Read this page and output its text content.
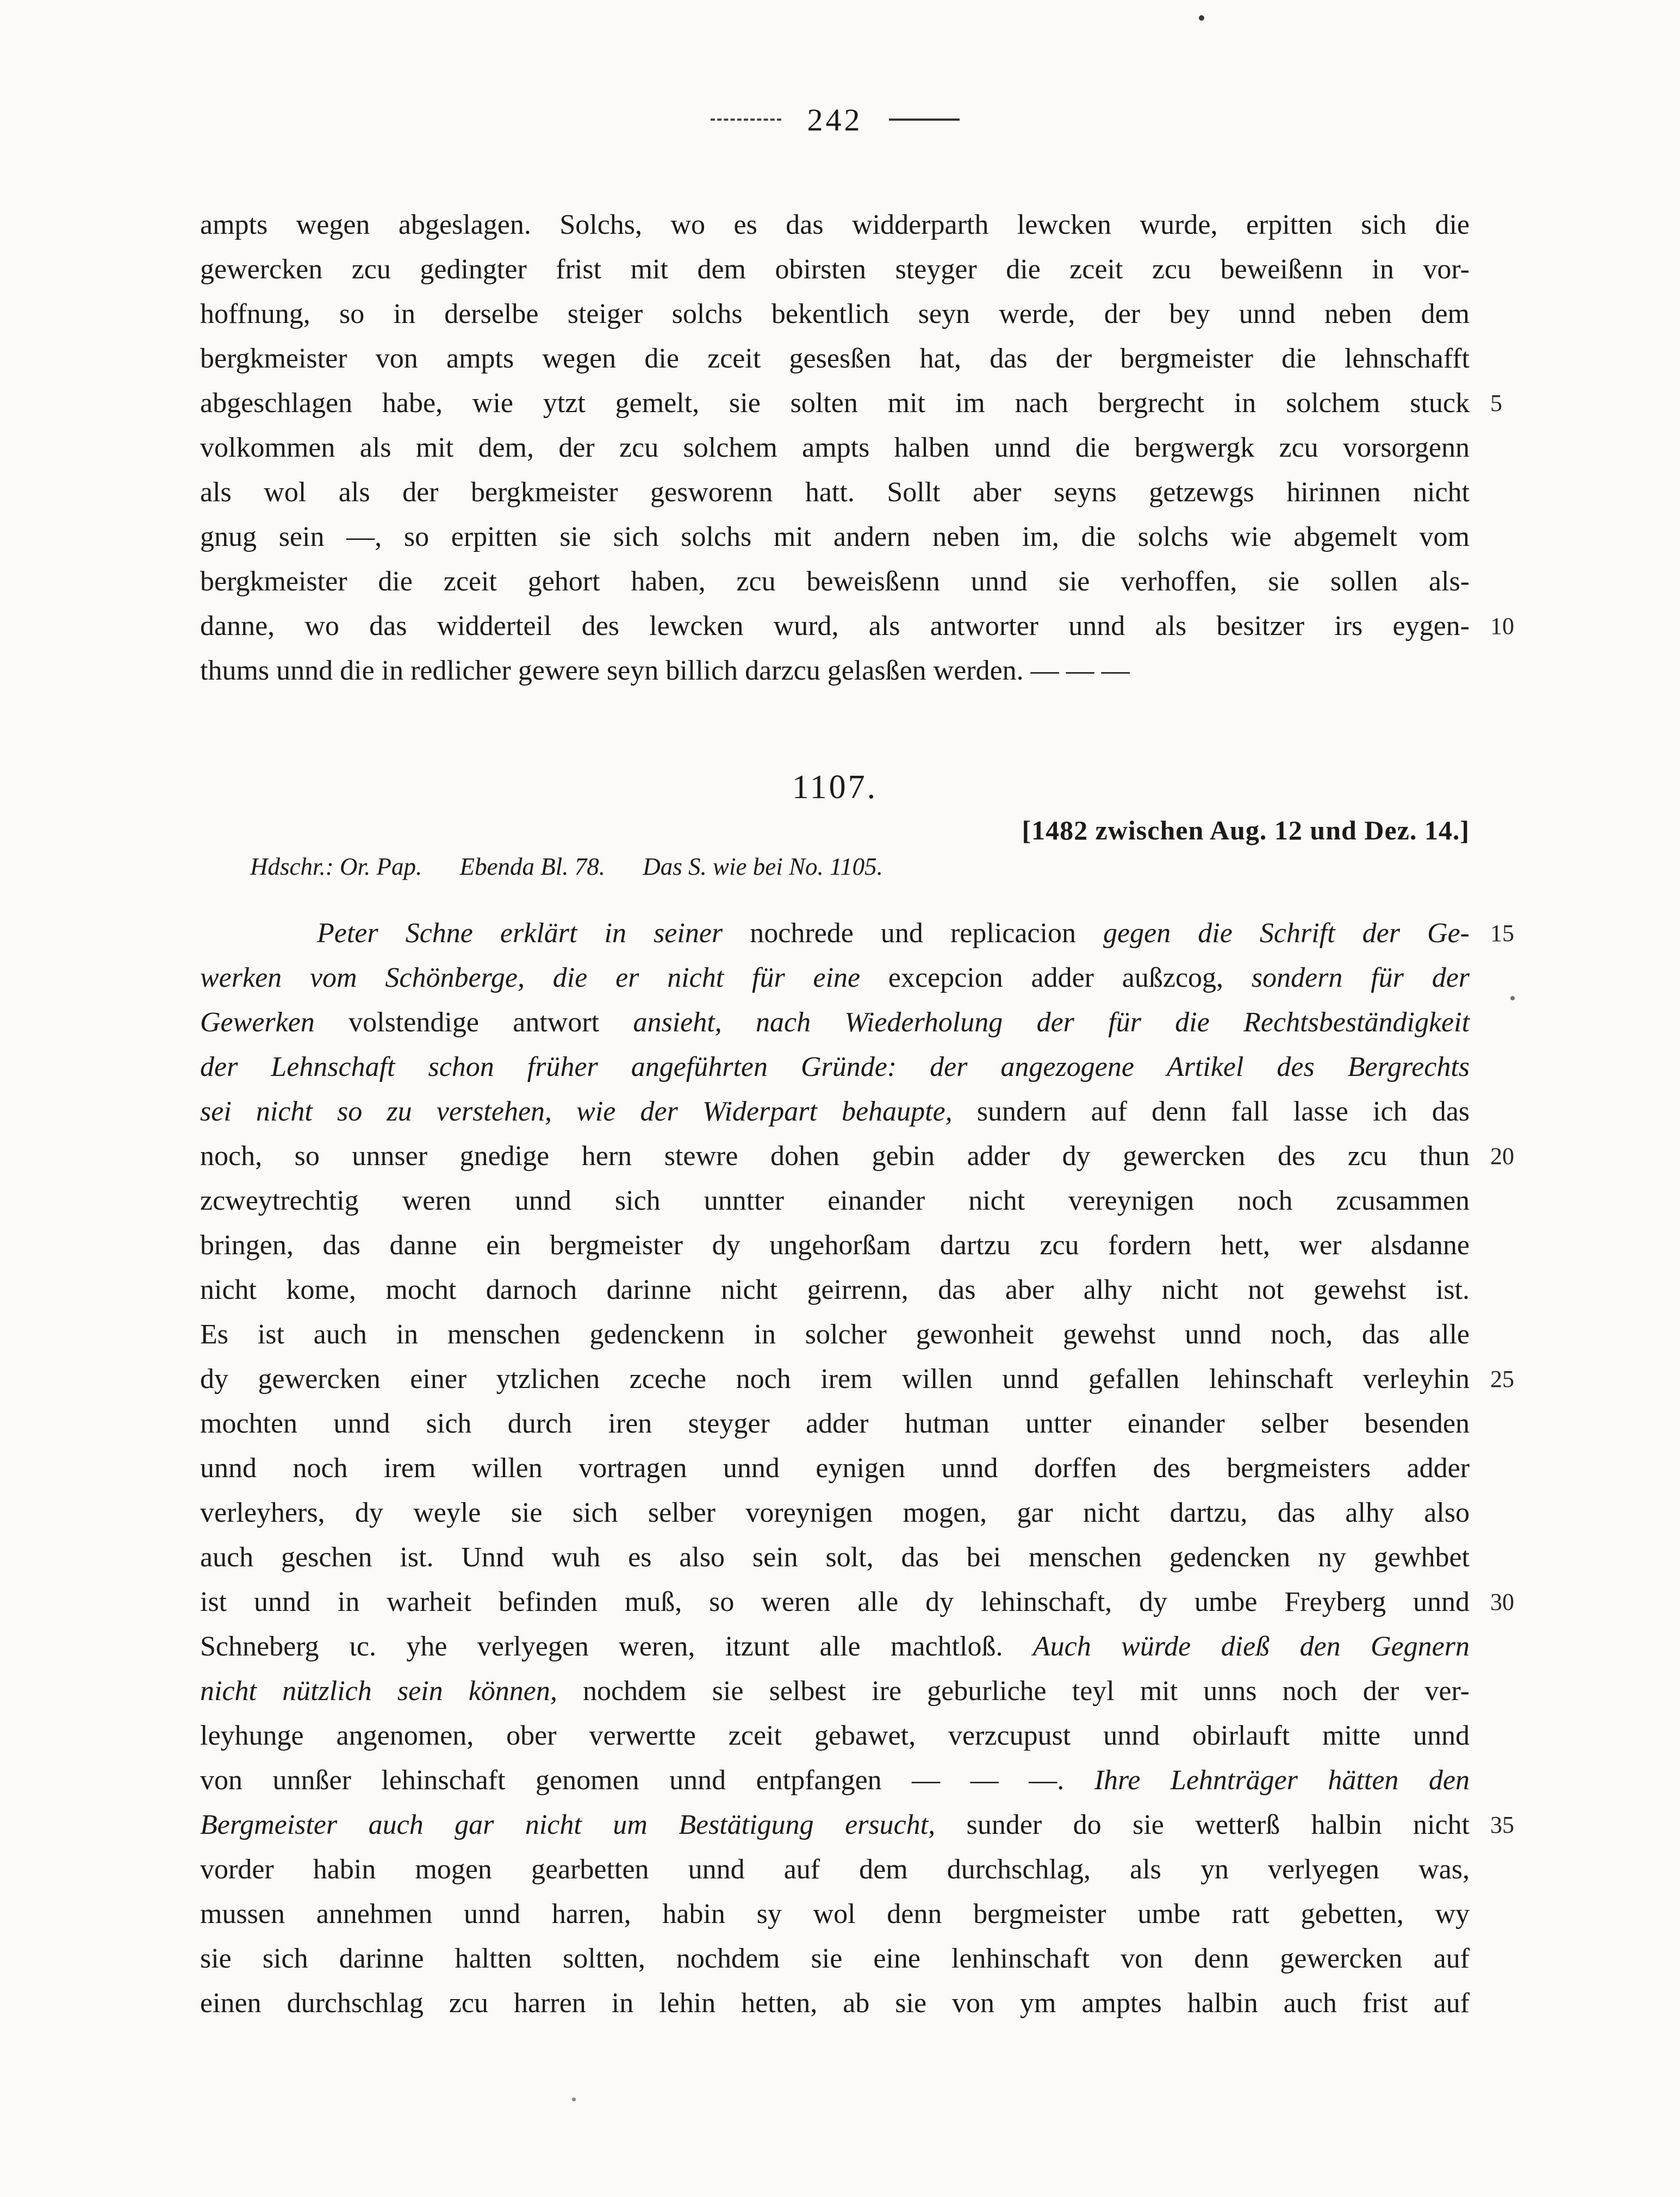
242
ampts wegen abgeslagen. Solchs, wo es das widderparth lewcken wurde, erpitten sich die
gewercken zcu gedingter frist mit dem obirsten steyger die zceit zcu beweißenn in vor-
hoffnung, so in derselbe steiger solchs bekentlich seyn werde, der bey unnd neben dem
bergkmeister von ampts wegen die zceit gesesßen hat, das der bergmeister die lehnschafft
abgeschlagen habe, wie ytzt gemelt, sie solten mit im nach bergrecht in solchem stuck 5
volkommen als mit dem, der zcu solchem ampts halben unnd die bergwergk zcu vorsorgenn
als wol als der bergkmeister gesworenn hatt. Sollt aber seyns getzewgs hirinnen nicht
gnug sein —, so erpitten sie sich solchs mit andern neben im, die solchs wie abgemelt vom
bergkmeister die zceit gehort haben, zcu beweisßenn unnd sie verhoffen, sie sollen als-
danne, wo das widderteil des lewcken wurd, als antworter unnd als besitzer irs eygen- 10
thums unnd die in redlicher gewere seyn billich darzcu gelasßen werden. — — —
1107.
[1482 zwischen Aug. 12 und Dez. 14.]
Hdschr.: Or. Pap. Ebenda Bl. 78. Das S. wie bei No. 1105.
Peter Schne erklärt in seiner nochrede und replicacion gegen die Schrift der Ge- 15
werken vom Schönberge, die er nicht für eine excepcion adder außzcog, sondern für der
Gewerken volstendige antwort ansieht, nach Wiederholung der für die Rechtsbeständigkeit
der Lehnschaft schon früher angeführten Gründe: der angezogene Artikel des Bergrechts
sei nicht so zu verstehen, wie der Widerpart behaupte, sundern auf denn fall lasse ich das
noch, so unnser gnedige hern stewre dohen gebin adder dy gewercken des zcu thun 20
zcweytrechtig weren unnd sich unntter einander nicht vereynigen noch zcusammen
bringen, das danne ein bergmeister dy ungehorßam dartzu zcu fordern hett, wer alsdanne
nicht kome, mocht darnoch darinne nicht geirrenn, das aber alhy nicht not gewehst ist.
Es ist auch in menschen gedenckenn in solcher gewonheit gewehst unnd noch, das alle
dy gewercken einer ytzlichen zceche noch irem willen unnd gefallen lehinschaft verleyhin 25
mochten unnd sich durch iren steyger adder hutman untter einander selber besenden
unnd noch irem willen vortragen unnd eynigen unnd dorffen des bergmeisters adder
verleyhers, dy weyle sie sich selber voreynigen mogen, gar nicht dartzu, das alhy also
auch geschen ist. Unnd wuh es also sein solt, das bei menschen gedencken ny gewhbet
ist unnd in warheit befinden muß, so weren alle dy lehinschaft, dy umbe Freyberg unnd 30
Schneberg ɩc. yhe verlyegen weren, itzunt alle machtloß. Auch würde dieß den Gegnern
nicht nützlich sein können, nochdem sie selbest ire geburliche teyl mit unns noch der ver-
leyhunge angenomen, ober verwertte zceit gebawet, verzcupust unnd obirlauft mitte unnd
von unnßer lehinschaft genomen unnd entpfangen — — —. Ihre Lehnträger hätten den
Bergmeister auch gar nicht um Bestätigung ersucht, sunder do sie wetterß halbin nicht 35
vorder habin mogen gearbetten unnd auf dem durchschlag, als yn verlyegen was,
mussen annehmen unnd harren, habin sy wol denn bergmeister umbe ratt gebetten, wy
sie sich darinne haltten soltten, nochdem sie eine lenhinschaft von denn gewercken auf
einen durchschlag zcu harren in lehin hetten, ab sie von ym amptes halbin auch frist auf
